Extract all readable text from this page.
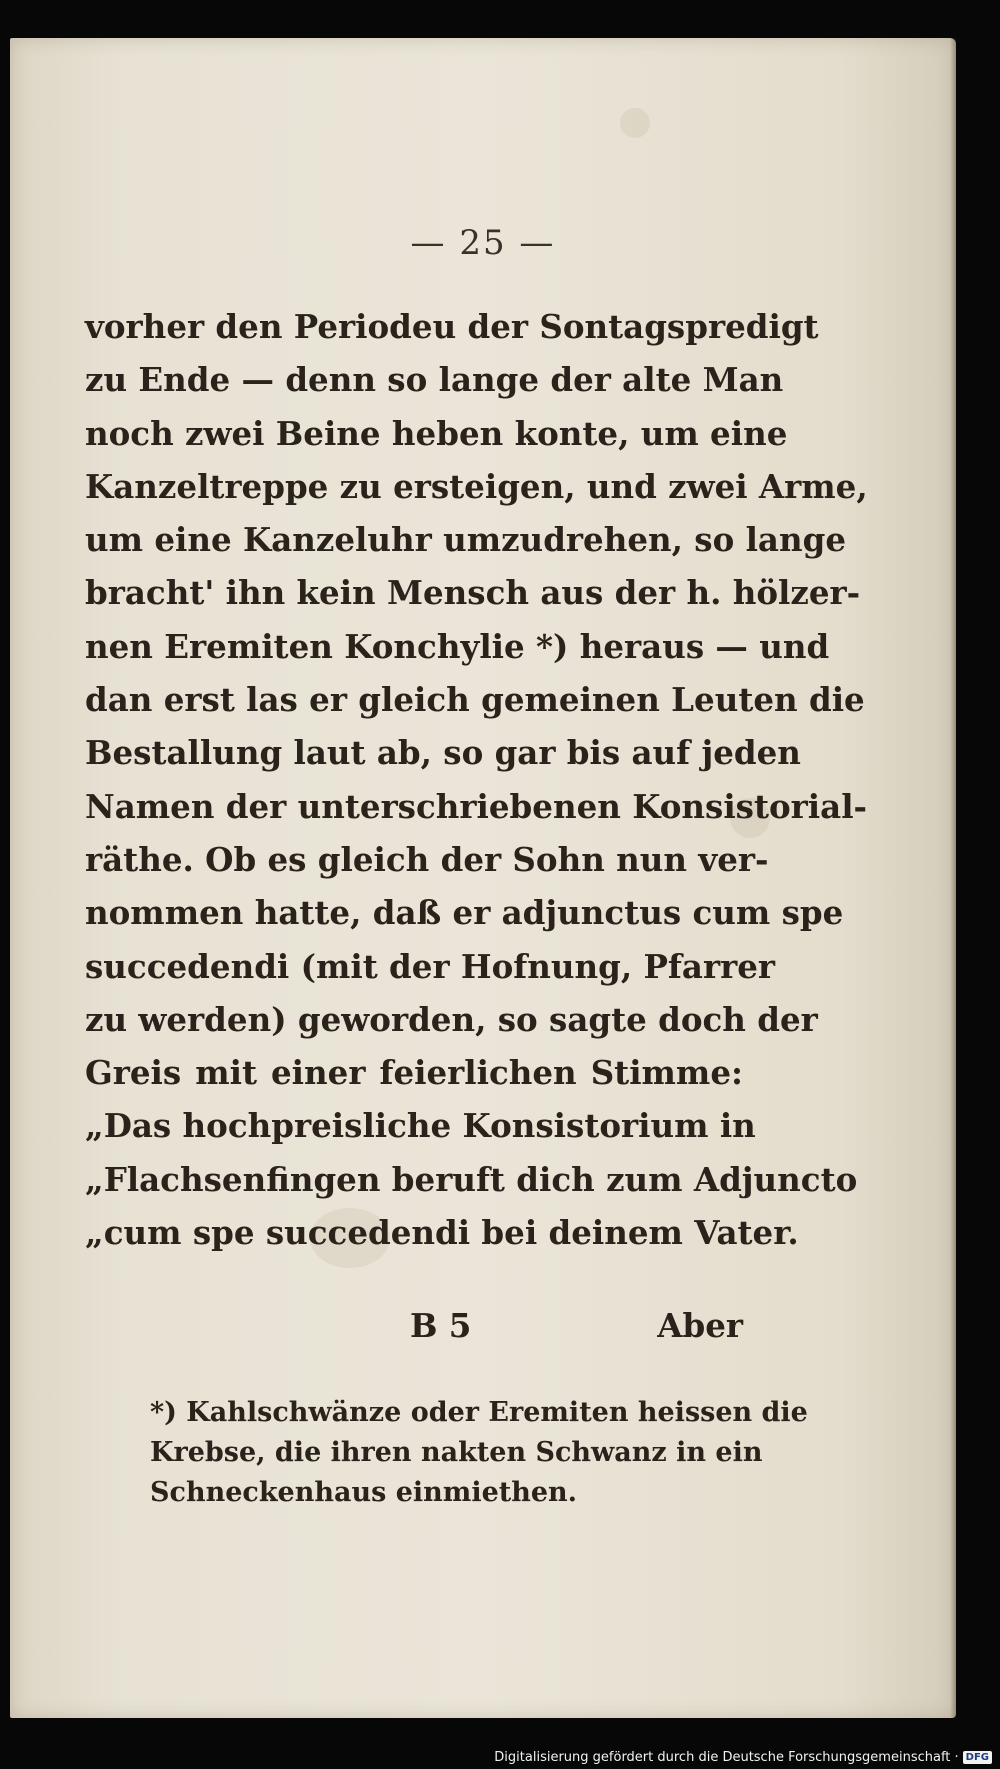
— 25 —
vorher den Periodeu der Sontagspredigt
zu Ende — denn so lange der alte Man
noch zwei Beine heben konte, um eine
Kanzeltreppe zu ersteigen, und zwei Arme,
um eine Kanzeluhr umzudrehen, so lange
bracht' ihn kein Mensch aus der h. hölzer-
nen Eremiten Konchylie *) heraus — und
dan erst las er gleich gemeinen Leuten die
Bestallung laut ab, so gar bis auf jeden
Namen der unterschriebenen Konsistorial-
räthe. Ob es gleich der Sohn nun ver-
nommen hatte, daß er adjunctus cum spe
succedendi (mit der Hofnung, Pfarrer
zu werden) geworden, so sagte doch der
Greis mit einer feierlichen Stimme:
„Das hochpreisliche Konsistorium in
„Flachsenfingen beruft dich zum Adjuncto
„cum spe succedendi bei deinem Vater.
B 5	Aber
*) Kahlschwänze oder Eremiten heissen die
Krebse, die ihren nakten Schwanz in ein
Schneckenhaus einmiethen.
Digitalisierung gefördert durch die Deutsche Forschungsgemeinschaft · DFG
